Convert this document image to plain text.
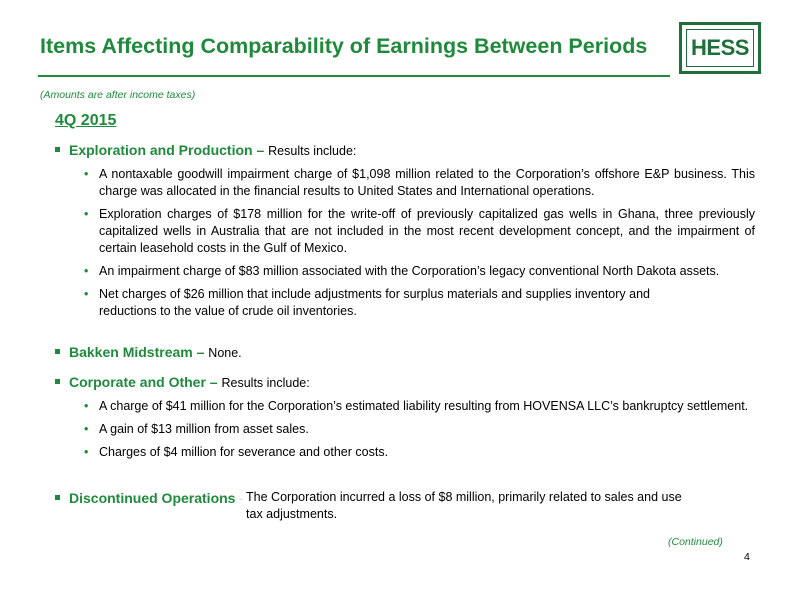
Items Affecting Comparability of Earnings Between Periods HESS
(Amounts are after income taxes)
4Q 2015
Exploration and Production – Results include:
• A nontaxable goodwill impairment charge of $1,098 million related to the Corporation’s offshore E&P business. This charge was allocated in the financial results to United States and International operations.
• Exploration charges of $178 million for the write-off of previously capitalized gas wells in Ghana, three previously capitalized wells in Australia that are not included in the most recent development concept, and the impairment of certain leasehold costs in the Gulf of Mexico.
• An impairment charge of $83 million associated with the Corporation’s legacy conventional North Dakota assets.
• Net charges of $26 million that include adjustments for surplus materials and supplies inventory and reductions to the value of crude oil inventories.
Bakken Midstream – None.
Corporate and Other – Results include:
• A charge of $41 million for the Corporation’s estimated liability resulting from HOVENSA LLC’s bankruptcy settlement.
• A gain of $13 million from asset sales.
• Charges of $4 million for severance and other costs.
Discontinued Operations – The Corporation incurred a loss of $8 million, primarily related to sales and use tax adjustments.
(Continued)
4
